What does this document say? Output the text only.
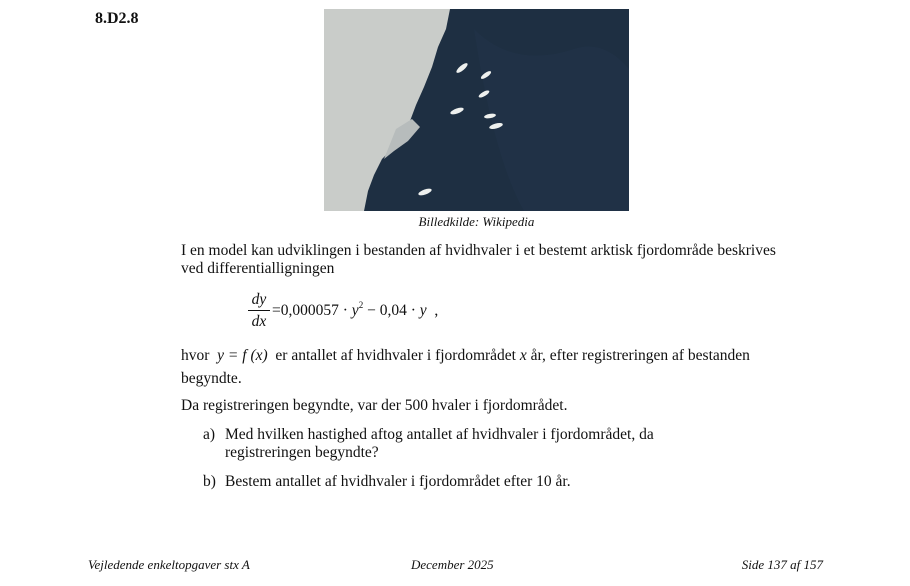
8.D2.8
Billedkilde: Wikipedia
I en model kan udviklingen i bestanden af hvidhvaler i et bestemt arktisk fjordområde beskrives ved differentialligningen
dy
dx
$=0,000057 \cdot y^2 - 0,04 \cdot y$ ,
hvor y = f (x) er antallet af hvidhvaler i fjordområdet x år, efter registreringen af bestanden begyndte.
Da registreringen begyndte, var der 500 hvaler i fjordområdet.
a) Med hvilken hastighed aftog antallet af hvidhvaler i fjordområdet, da registreringen begyndte?
b) Bestem antallet af hvidhvaler i fjordområdet efter 10 år.
Vejledende enkeltopgaver stx A	December 2025	Side 137 af 157
